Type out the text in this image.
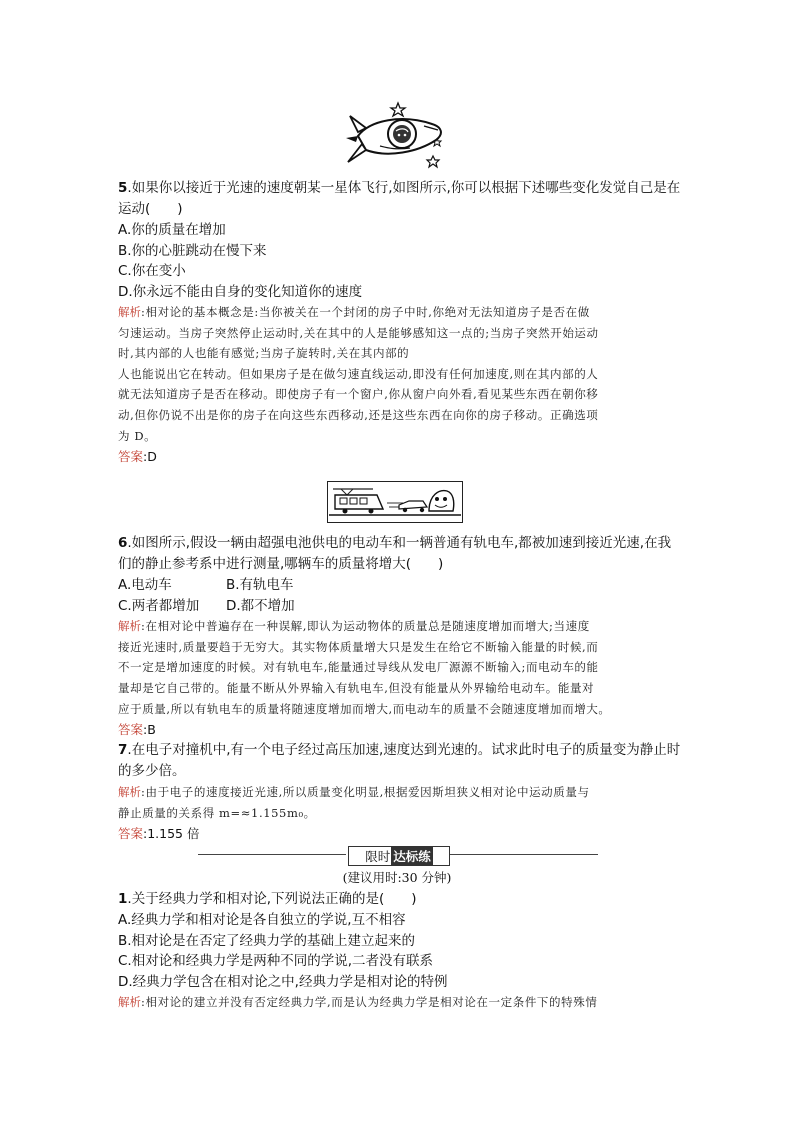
5.如果你以接近于光速的速度朝某一星体飞行,如图所示,你可以根据下述哪些变化发觉自己是在运动(　　)

A.你的质量在增加

B.你的心脏跳动在慢下来

C.你在变小

D.你永远不能由自身的变化知道你的速度

解析:相对论的基本概念是:当你被关在一个封闭的房子中时,你绝对无法知道房子是否在做

匀速运动。当房子突然停止运动时,关在其中的人是能够感知这一点的;当房子突然开始运动

时,其内部的人也能有感觉;当房子旋转时,关在其内部的

人也能说出它在转动。但如果房子是在做匀速直线运动,即没有任何加速度,则在其内部的人

就无法知道房子是否在移动。即使房子有一个窗户,你从窗户向外看,看见某些东西在朝你移

动,但你仍说不出是你的房子在向这些东西移动,还是这些东西在向你的房子移动。正确选项

为 D。

答案:D

6.如图所示,假设一辆由超强电池供电的电动车和一辆普通有轨电车,都被加速到接近光速,在我们的静止参考系中进行测量,哪辆车的质量将增大(　　)

A.电动车	B.有轨电车
C.两者都增加	D.都不增加

解析:在相对论中普遍存在一种误解,即认为运动物体的质量总是随速度增加而增大;当速度

接近光速时,质量要趋于无穷大。其实物体质量增大只是发生在给它不断输入能量的时候,而

不一定是增加速度的时候。对有轨电车,能量通过导线从发电厂源源不断输入;而电动车的能

量却是它自己带的。能量不断从外界输入有轨电车,但没有能量从外界输给电动车。能量对

应于质量,所以有轨电车的质量将随速度增加而增大,而电动车的质量不会随速度增加而增大。

答案:B

7.在电子对撞机中,有一个电子经过高压加速,速度达到光速的。试求此时电子的质量变为静止时的多少倍。

解析:由于电子的速度接近光速,所以质量变化明显,根据爱因斯坦狭义相对论中运动质量与

静止质量的关系得 m=≈1.155m₀。

答案:1.155 倍

限时 达标练
(建议用时:30 分钟)

1.关于经典力学和相对论,下列说法正确的是(　　)

A.经典力学和相对论是各自独立的学说,互不相容

B.相对论是在否定了经典力学的基础上建立起来的

C.相对论和经典力学是两种不同的学说,二者没有联系

D.经典力学包含在相对论之中,经典力学是相对论的特例

解析:相对论的建立并没有否定经典力学,而是认为经典力学是相对论在一定条件下的特殊情
